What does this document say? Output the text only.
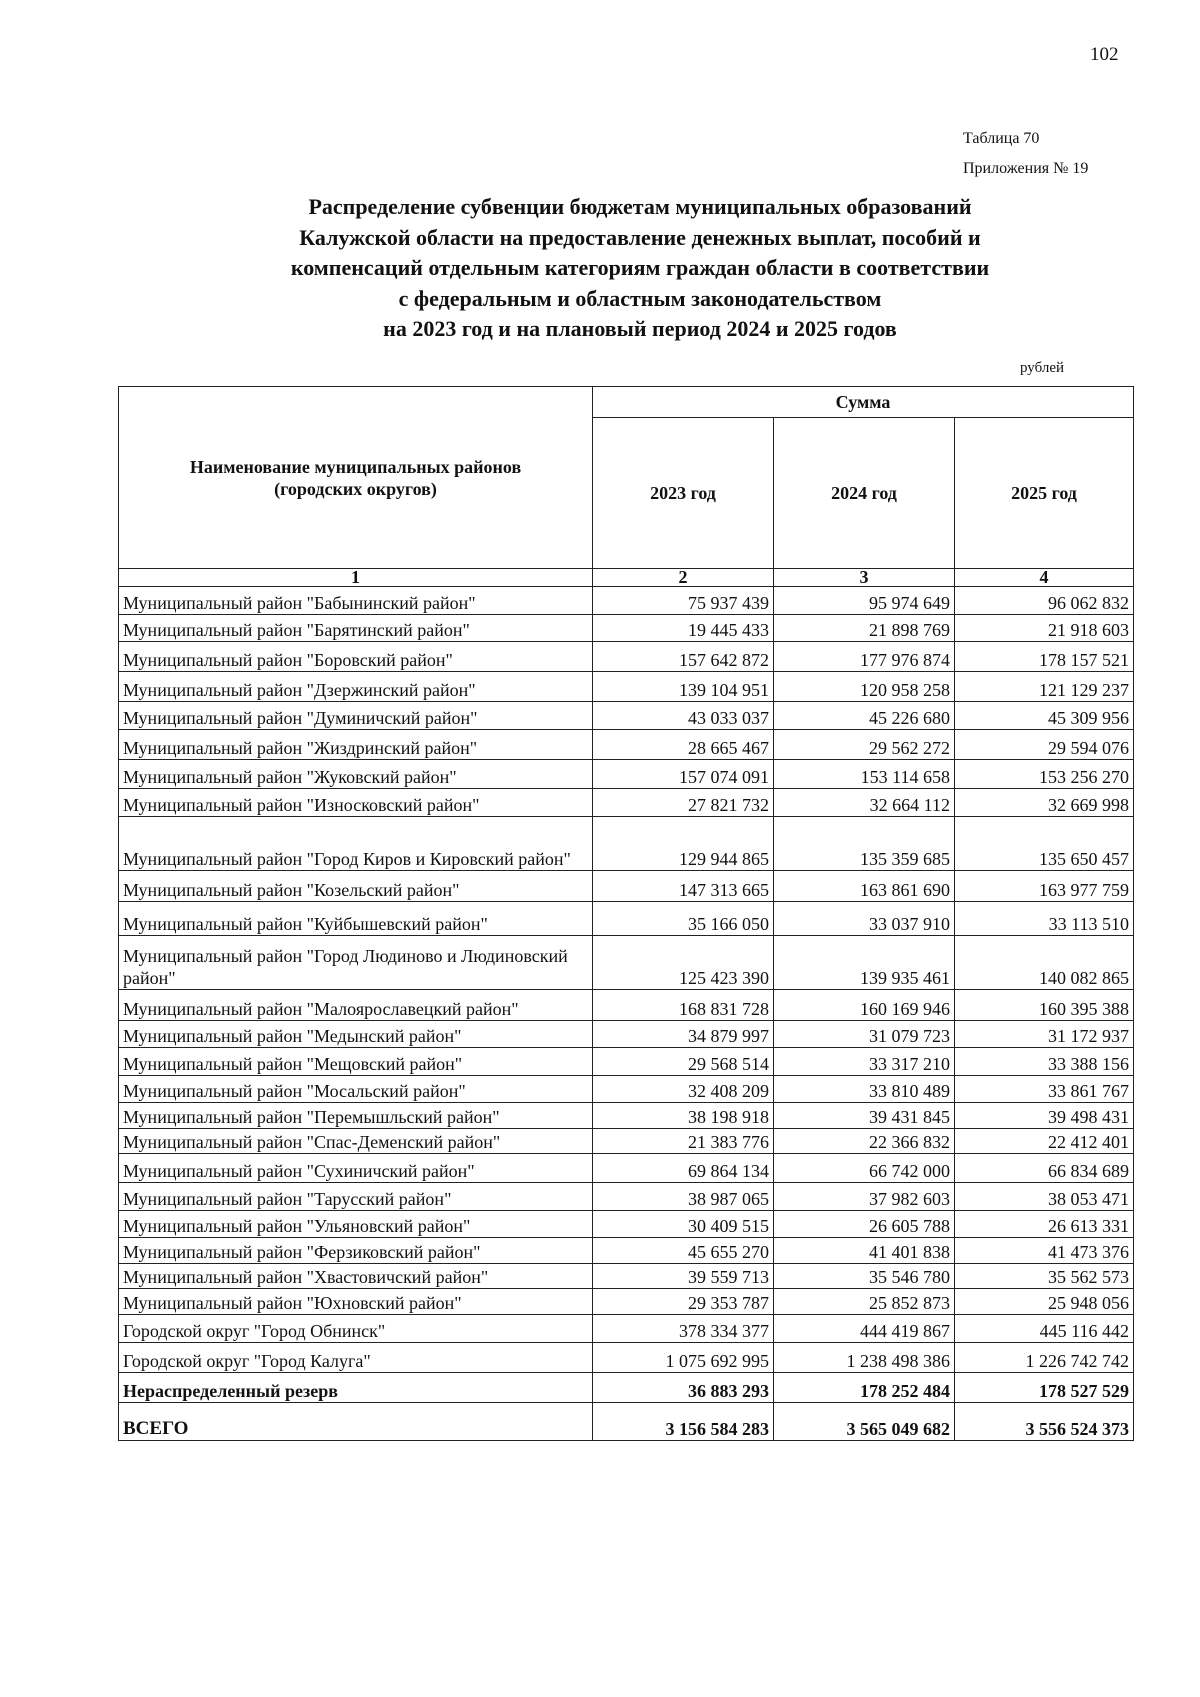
102
Таблица 70
Приложения № 19
Распределение субвенции бюджетам муниципальных образований
Калужской области на предоставление денежных выплат, пособий и
компенсаций отдельным категориям граждан области в соответствии
с федеральным и областным законодательством
на 2023 год и на плановый период 2024 и 2025 годов
рублей
Наименование муниципальных районов
(городских округов)	Сумма		
	2023 год	2024 год	2025 год
1	2	3	4
Муниципальный район "Бабынинский район"	75 937 439	95 974 649	96 062 832
Муниципальный район "Барятинский район"	19 445 433	21 898 769	21 918 603
Муниципальный район "Боровский район"	157 642 872	177 976 874	178 157 521
Муниципальный район "Дзержинский район"	139 104 951	120 958 258	121 129 237
Муниципальный район "Думиничский район"	43 033 037	45 226 680	45 309 956
Муниципальный район "Жиздринский район"	28 665 467	29 562 272	29 594 076
Муниципальный район "Жуковский район"	157 074 091	153 114 658	153 256 270
Муниципальный район "Износковский район"	27 821 732	32 664 112	32 669 998
Муниципальный район "Город Киров и Кировский район"	129 944 865	135 359 685	135 650 457
Муниципальный район "Козельский район"	147 313 665	163 861 690	163 977 759
Муниципальный район "Куйбышевский район"	35 166 050	33 037 910	33 113 510
Муниципальный район "Город Людиново и Людиновский район"	125 423 390	139 935 461	140 082 865
Муниципальный район "Малоярославецкий район"	168 831 728	160 169 946	160 395 388
Муниципальный район "Медынский район"	34 879 997	31 079 723	31 172 937
Муниципальный район "Мещовский район"	29 568 514	33 317 210	33 388 156
Муниципальный район "Мосальский район"	32 408 209	33 810 489	33 861 767
Муниципальный район "Перемышльский район"	38 198 918	39 431 845	39 498 431
Муниципальный район "Спас-Деменский район"	21 383 776	22 366 832	22 412 401
Муниципальный район "Сухиничский район"	69 864 134	66 742 000	66 834 689
Муниципальный район "Тарусский район"	38 987 065	37 982 603	38 053 471
Муниципальный район "Ульяновский район"	30 409 515	26 605 788	26 613 331
Муниципальный район "Ферзиковский район"	45 655 270	41 401 838	41 473 376
Муниципальный район "Хвастовичский район"	39 559 713	35 546 780	35 562 573
Муниципальный район "Юхновский район"	29 353 787	25 852 873	25 948 056
Городской округ "Город Обнинск"	378 334 377	444 419 867	445 116 442
Городской округ "Город Калуга"	1 075 692 995	1 238 498 386	1 226 742 742
Нераспределенный резерв	36 883 293	178 252 484	178 527 529
ВСЕГО	3 156 584 283	3 565 049 682	3 556 524 373
